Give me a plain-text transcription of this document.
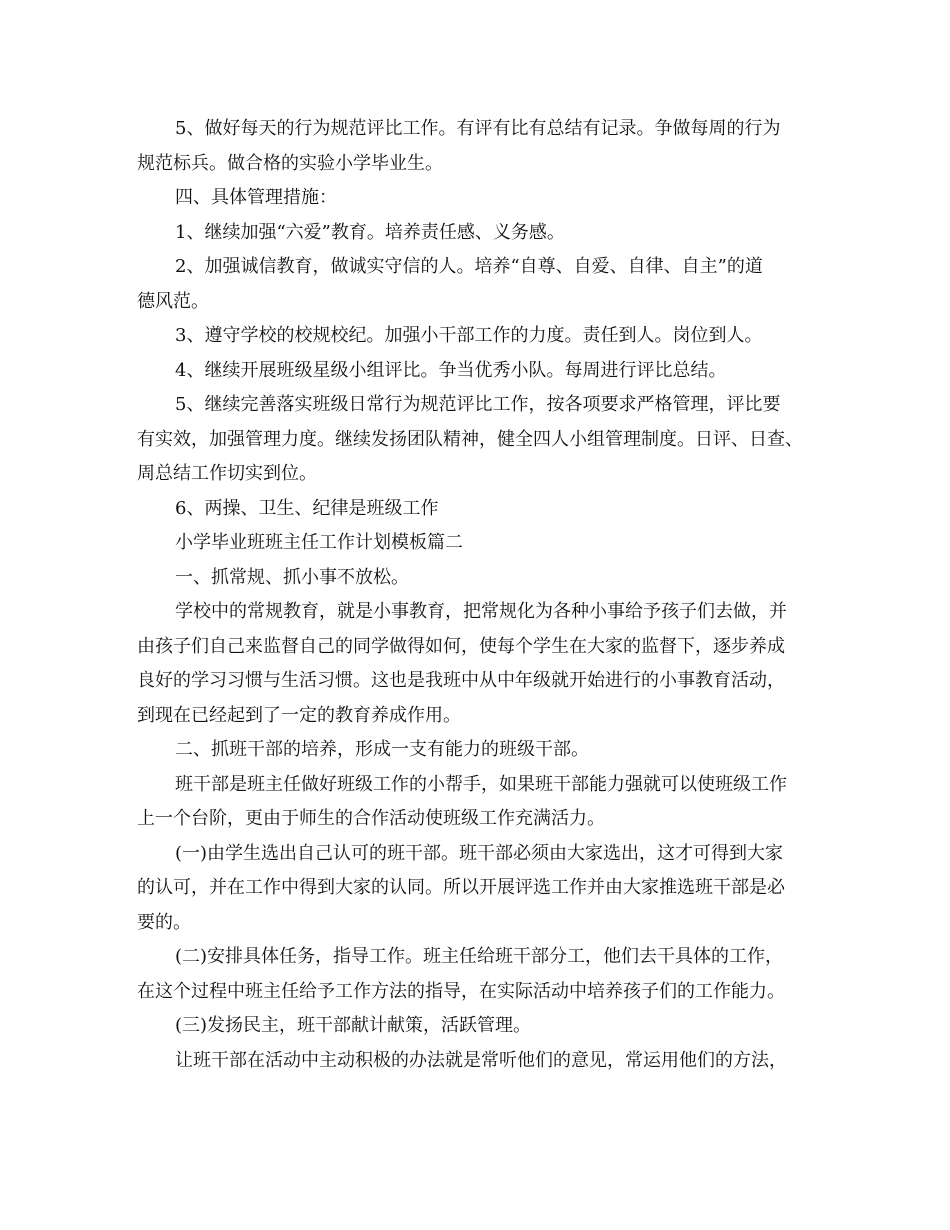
5、做好每天的行为规范评比工作。有评有比有总结有记录。争做每周的行为
规范标兵。做合格的实验小学毕业生。
四、具体管理措施：
1、继续加强“六爱”教育。培养责任感、义务感。
2、加强诚信教育，做诚实守信的人。培养“自尊、自爱、自律、自主”的道
德风范。
3、遵守学校的校规校纪。加强小干部工作的力度。责任到人。岗位到人。
4、继续开展班级星级小组评比。争当优秀小队。每周进行评比总结。
5、继续完善落实班级日常行为规范评比工作，按各项要求严格管理，评比要
有实效，加强管理力度。继续发扬团队精神，健全四人小组管理制度。日评、日查、
周总结工作切实到位。
6、两操、卫生、纪律是班级工作
小学毕业班班主任工作计划模板篇二
一、抓常规、抓小事不放松。
学校中的常规教育，就是小事教育，把常规化为各种小事给予孩子们去做，并
由孩子们自己来监督自己的同学做得如何，使每个学生在大家的监督下，逐步养成
良好的学习习惯与生活习惯。这也是我班中从中年级就开始进行的小事教育活动，
到现在已经起到了一定的教育养成作用。
二、抓班干部的培养，形成一支有能力的班级干部。
班干部是班主任做好班级工作的小帮手，如果班干部能力强就可以使班级工作
上一个台阶，更由于师生的合作活动使班级工作充满活力。
(一)由学生选出自己认可的班干部。班干部必须由大家选出，这才可得到大家
的认可，并在工作中得到大家的认同。所以开展评选工作并由大家推选班干部是必
要的。
(二)安排具体任务，指导工作。班主任给班干部分工，他们去干具体的工作，
在这个过程中班主任给予工作方法的指导，在实际活动中培养孩子们的工作能力。
(三)发扬民主，班干部献计献策，活跃管理。
让班干部在活动中主动积极的办法就是常听他们的意见，常运用他们的方法，
